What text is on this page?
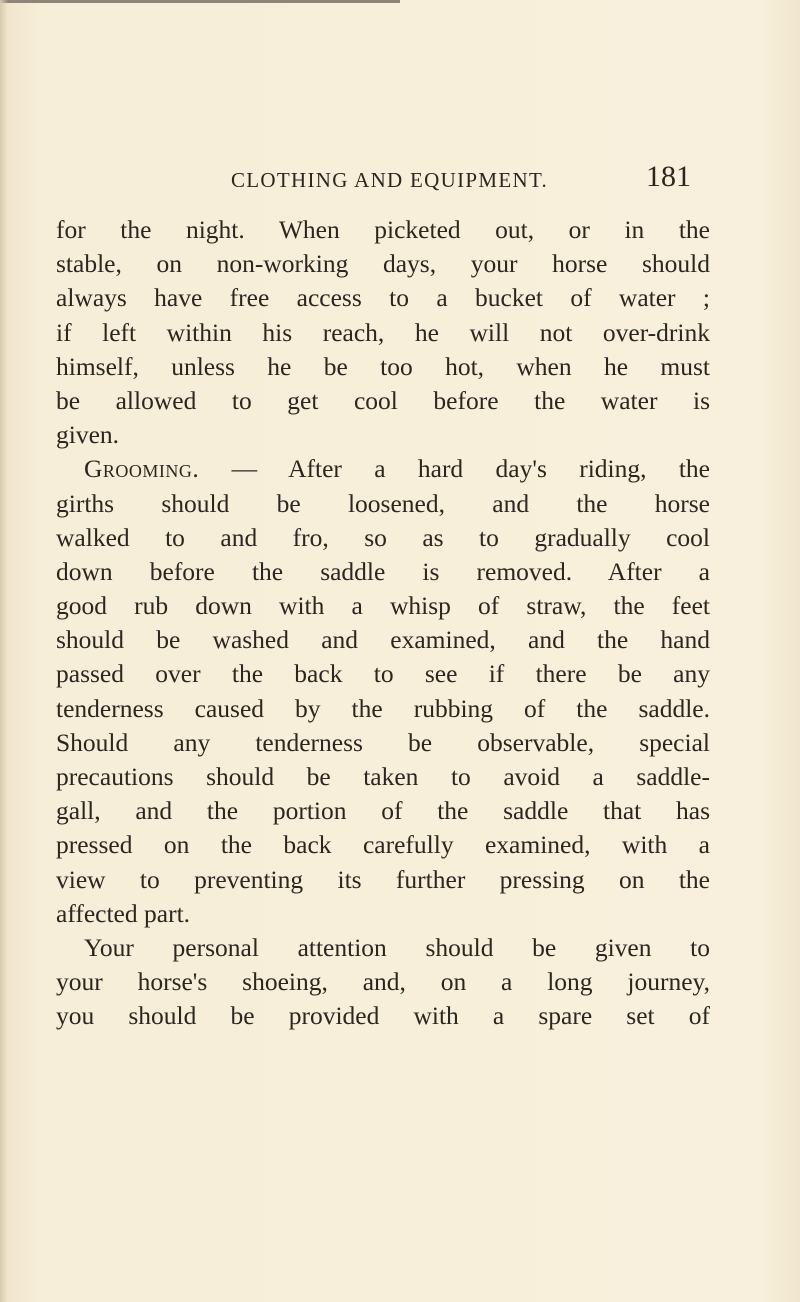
CLOTHING AND EQUIPMENT.	181
for the night. When picketed out, or in the
stable, on non-working days, your horse should
always have free access to a bucket of water ;
if left within his reach, he will not over-drink
himself, unless he be too hot, when he must
be allowed to get cool before the water is
given.
Grooming. — After a hard day's riding, the
girths should be loosened, and the horse
walked to and fro, so as to gradually cool
down before the saddle is removed. After a
good rub down with a whisp of straw, the feet
should be washed and examined, and the hand
passed over the back to see if there be any
tenderness caused by the rubbing of the saddle.
Should any tenderness be observable, special
precautions should be taken to avoid a saddle-
gall, and the portion of the saddle that has
pressed on the back carefully examined, with a
view to preventing its further pressing on the
affected part.
Your personal attention should be given to
your horse's shoeing, and, on a long journey,
you should be provided with a spare set of
